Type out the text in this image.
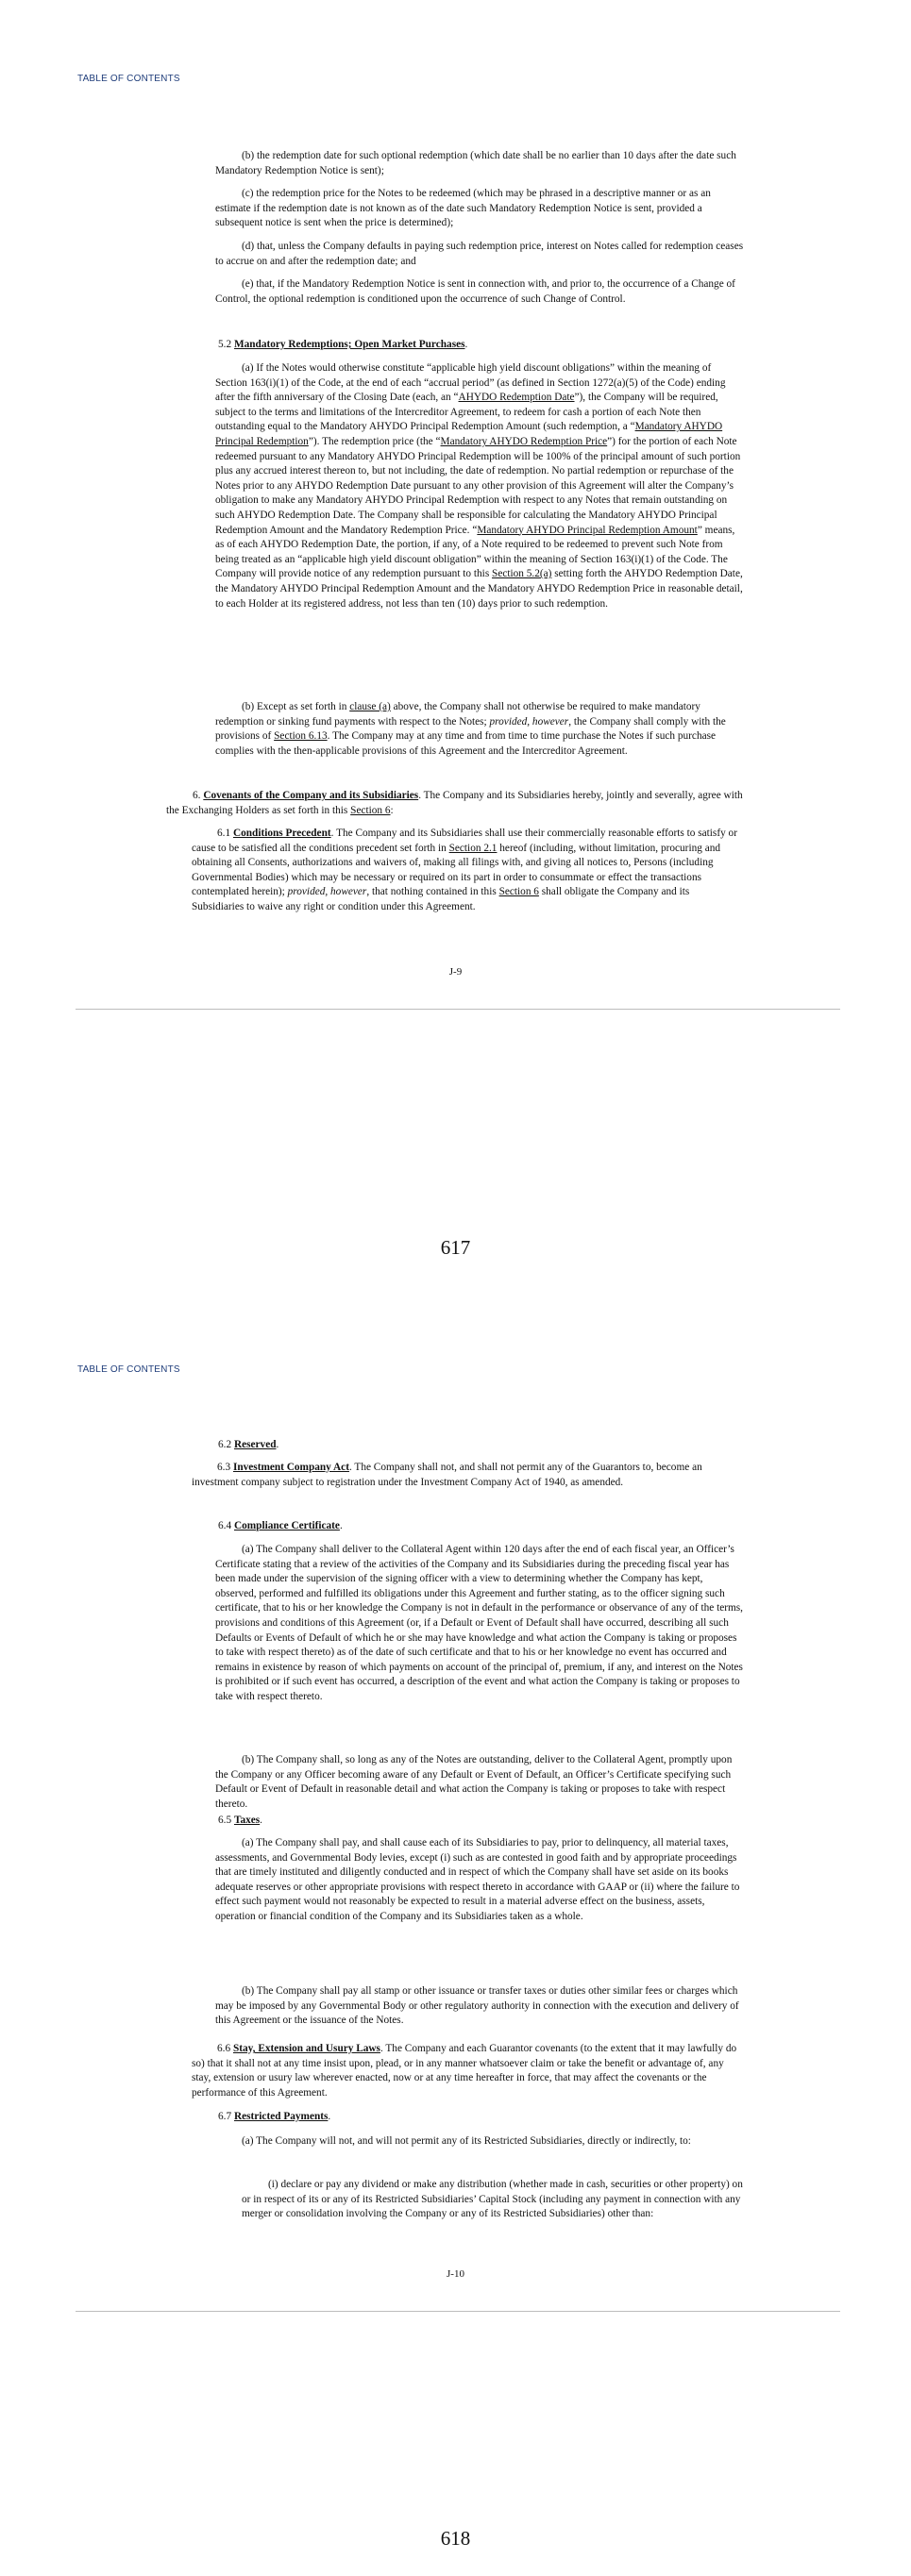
TABLE OF CONTENTS

(b) the redemption date for such optional redemption (which date shall be no earlier than 10 days after the date such Mandatory Redemption Notice is sent);

(c) the redemption price for the Notes to be redeemed (which may be phrased in a descriptive manner or as an estimate if the redemption date is not known as of the date such Mandatory Redemption Notice is sent, provided a subsequent notice is sent when the price is determined);

(d) that, unless the Company defaults in paying such redemption price, interest on Notes called for redemption ceases to accrue on and after the redemption date; and

(e) that, if the Mandatory Redemption Notice is sent in connection with, and prior to, the occurrence of a Change of Control, the optional redemption is conditioned upon the occurrence of such Change of Control.

5.2 Mandatory Redemptions; Open Market Purchases.

(a) If the Notes would otherwise constitute “applicable high yield discount obligations” within the meaning of Section 163(i)(1) of the Code, at the end of each “accrual period” (as defined in Section 1272(a)(5) of the Code) ending after the fifth anniversary of the Closing Date (each, an “AHYDO Redemption Date”), the Company will be required, subject to the terms and limitations of the Intercreditor Agreement, to redeem for cash a portion of each Note then outstanding equal to the Mandatory AHYDO Principal Redemption Amount (such redemption, a “Mandatory AHYDO Principal Redemption”). The redemption price (the “Mandatory AHYDO Redemption Price”) for the portion of each Note redeemed pursuant to any Mandatory AHYDO Principal Redemption will be 100% of the principal amount of such portion plus any accrued interest thereon to, but not including, the date of redemption. No partial redemption or repurchase of the Notes prior to any AHYDO Redemption Date pursuant to any other provision of this Agreement will alter the Company’s obligation to make any Mandatory AHYDO Principal Redemption with respect to any Notes that remain outstanding on such AHYDO Redemption Date. The Company shall be responsible for calculating the Mandatory AHYDO Principal Redemption Amount and the Mandatory Redemption Price. “Mandatory AHYDO Principal Redemption Amount” means, as of each AHYDO Redemption Date, the portion, if any, of a Note required to be redeemed to prevent such Note from being treated as an “applicable high yield discount obligation” within the meaning of Section 163(i)(1) of the Code. The Company will provide notice of any redemption pursuant to this Section 5.2(a) setting forth the AHYDO Redemption Date, the Mandatory AHYDO Principal Redemption Amount and the Mandatory AHYDO Redemption Price in reasonable detail, to each Holder at its registered address, not less than ten (10) days prior to such redemption.

(b) Except as set forth in clause (a) above, the Company shall not otherwise be required to make mandatory redemption or sinking fund payments with respect to the Notes; provided, however, the Company shall comply with the provisions of Section 6.13. The Company may at any time and from time to time purchase the Notes if such purchase complies with the then-applicable provisions of this Agreement and the Intercreditor Agreement.

6. Covenants of the Company and its Subsidiaries. The Company and its Subsidiaries hereby, jointly and severally, agree with the Exchanging Holders as set forth in this Section 6:

6.1 Conditions Precedent. The Company and its Subsidiaries shall use their commercially reasonable efforts to satisfy or cause to be satisfied all the conditions precedent set forth in Section 2.1 hereof (including, without limitation, procuring and obtaining all Consents, authorizations and waivers of, making all filings with, and giving all notices to, Persons (including Governmental Bodies) which may be necessary or required on its part in order to consummate or effect the transactions contemplated herein); provided, however, that nothing contained in this Section 6 shall obligate the Company and its Subsidiaries to waive any right or condition under this Agreement.

J-9
617
TABLE OF CONTENTS

6.2 Reserved.

6.3 Investment Company Act. The Company shall not, and shall not permit any of the Guarantors to, become an investment company subject to registration under the Investment Company Act of 1940, as amended.

6.4 Compliance Certificate.

(a) The Company shall deliver to the Collateral Agent within 120 days after the end of each fiscal year, an Officer’s Certificate stating that a review of the activities of the Company and its Subsidiaries during the preceding fiscal year has been made under the supervision of the signing officer with a view to determining whether the Company has kept, observed, performed and fulfilled its obligations under this Agreement and further stating, as to the officer signing such certificate, that to his or her knowledge the Company is not in default in the performance or observance of any of the terms, provisions and conditions of this Agreement (or, if a Default or Event of Default shall have occurred, describing all such Defaults or Events of Default of which he or she may have knowledge and what action the Company is taking or proposes to take with respect thereto) as of the date of such certificate and that to his or her knowledge no event has occurred and remains in existence by reason of which payments on account of the principal of, premium, if any, and interest on the Notes is prohibited or if such event has occurred, a description of the event and what action the Company is taking or proposes to take with respect thereto.

(b) The Company shall, so long as any of the Notes are outstanding, deliver to the Collateral Agent, promptly upon the Company or any Officer becoming aware of any Default or Event of Default, an Officer’s Certificate specifying such Default or Event of Default in reasonable detail and what action the Company is taking or proposes to take with respect thereto.

6.5 Taxes.

(a) The Company shall pay, and shall cause each of its Subsidiaries to pay, prior to delinquency, all material taxes, assessments, and Governmental Body levies, except (i) such as are contested in good faith and by appropriate proceedings that are timely instituted and diligently conducted and in respect of which the Company shall have set aside on its books adequate reserves or other appropriate provisions with respect thereto in accordance with GAAP or (ii) where the failure to effect such payment would not reasonably be expected to result in a material adverse effect on the business, assets, operation or financial condition of the Company and its Subsidiaries taken as a whole.

(b) The Company shall pay all stamp or other issuance or transfer taxes or duties other similar fees or charges which may be imposed by any Governmental Body or other regulatory authority in connection with the execution and delivery of this Agreement or the issuance of the Notes.

6.6 Stay, Extension and Usury Laws. The Company and each Guarantor covenants (to the extent that it may lawfully do so) that it shall not at any time insist upon, plead, or in any manner whatsoever claim or take the benefit or advantage of, any stay, extension or usury law wherever enacted, now or at any time hereafter in force, that may affect the covenants or the performance of this Agreement.

6.7 Restricted Payments.

(a) The Company will not, and will not permit any of its Restricted Subsidiaries, directly or indirectly, to:

(i) declare or pay any dividend or make any distribution (whether made in cash, securities or other property) on or in respect of its or any of its Restricted Subsidiaries’ Capital Stock (including any payment in connection with any merger or consolidation involving the Company or any of its Restricted Subsidiaries) other than:

J-10
618
